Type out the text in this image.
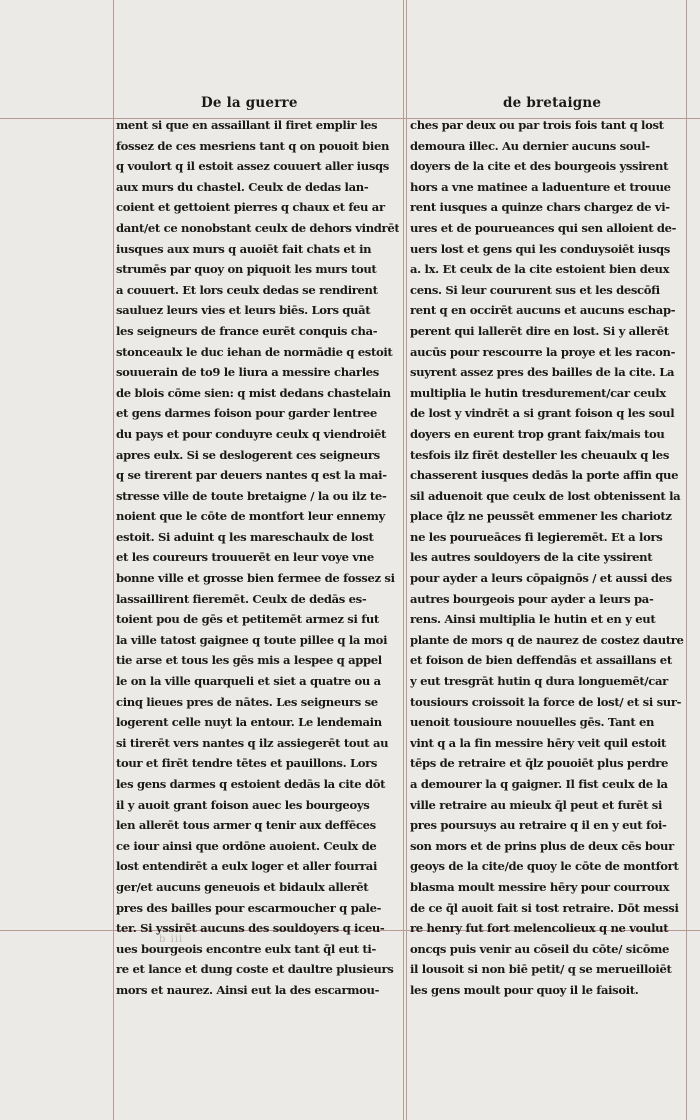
De la guerre	de bretaigne
ment si que en assaillant il firet emplir les
fossez de ces mesriens tant q on pouoit bien
q voulort q il estoit assez couuert aller iusqs
aux murs du chastel. Ceulx de dedas lan-
coient et gettoient pierres q chaux et feu ar
dant/et ce nonobstant ceulx de dehors vindrēt
iusques aux murs q auoiēt fait chats et in
strumēs par quoy on piquoit les murs tout
a couuert. Et lors ceulx dedas se rendirent
sauluez leurs vies et leurs biēs. Lors quāt
les seigneurs de france eurēt conquis cha-
stonceaulx le duc iehan de normādie q estoit
souuerain de to9 le liura a messire charles
de blois cōme sien: q mist dedans chastelain
et gens darmes foison pour garder lentree
du pays et pour conduyre ceulx q viendroiēt
apres eulx. Si se deslogerent ces seigneurs
q se tirerent par deuers nantes q est la mai-
stresse ville de toute bretaigne / la ou ilz te-
noient que le cōte de montfort leur ennemy
estoit. Si aduint q les mareschaulx de lost
et les coureurs trouuerēt en leur voye vne
bonne ville et grosse bien fermee de fossez si
lassaillirent fieremēt. Ceulx de dedās es-
toient pou de gēs et petitemēt armez si fut
la ville tatost gaignee q toute pillee q la moi
tie arse et tous les gēs mis a lespee q appel
le on la ville quarqueli et siet a quatre ou a
cinq lieues pres de nātes. Les seigneurs se
logerent celle nuyt la entour. Le lendemain
si tirerēt vers nantes q ilz assiegerēt tout au
tour et firēt tendre tētes et pauillons. Lors
les gens darmes q estoient dedās la cite dōt
il y auoit grant foison auec les bourgeoys
len allerēt tous armer q tenir aux deffēces
ce iour ainsi que ordōne auoient. Ceulx de
lost entendirēt a eulx loger et aller fourrai
ger/et aucuns geneuois et bidaulx allerēt
pres des bailles pour escarmoucher q pale-
ter. Si yssirēt aucuns des souldoyers q iceu-
ues bourgeois encontre eulx tant q̄l eut ti-
re et lance et dung coste et daultre plusieurs
mors et naurez. Ainsi eut la des escarmou-
ches par deux ou par trois fois tant q lost
demoura illec. Au dernier aucuns soul-
doyers de la cite et des bourgeois yssirent
hors a vne matinee a laduenture et trouue
rent iusques a quinze chars chargez de vi-
ures et de pourueances qui sen alloient de-
uers lost et gens qui les conduysoiēt iusqs
a. lx. Et ceulx de la cite estoient bien deux
cens. Si leur coururent sus et les descōfi
rent q en occirēt aucuns et aucuns eschap-
perent qui lallerēt dire en lost. Si y allerēt
aucūs pour rescourre la proye et les racon-
suyrent assez pres des bailles de la cite. La
multiplia le hutin tresdurement/car ceulx
de lost y vindrēt a si grant foison q les soul
doyers en eurent trop grant faix/mais tou
tesfois ilz firēt desteller les cheuaulx q les
chasserent iusques dedās la porte affin que
sil aduenoit que ceulx de lost obtenissent la
place q̄lz ne peussēt emmener les chariotz
ne les pourueāces fi legieremēt. Et a lors
les autres souldoyers de la cite yssirent
pour ayder a leurs cōpaignōs / et aussi des
autres bourgeois pour ayder a leurs pa-
rens. Ainsi multiplia le hutin et en y eut
plante de mors q de naurez de costez dautre
et foison de bien deffendās et assaillans et
y eut tresgrāt hutin q dura longuemēt/car
tousiours croissoit la force de lost/ et si sur-
uenoit tousioure nouuelles gēs. Tant en
vint q a la fin messire hēry veit quil estoit
tēps de retraire et q̄lz pouoiēt plus perdre
a demourer la q gaigner. Il fist ceulx de la
ville retraire au mieulx q̄l peut et furēt si
pres poursuys au retraire q il en y eut foi-
son mors et de prins plus de deux cēs bour
geoys de la cite/de quoy le cōte de montfort
blasma moult messire hēry pour courroux
de ce q̄l auoit fait si tost retraire. Dōt messi
re henry fut fort melencolieux q ne voulut
oncqs puis venir au cōseil du cōte/ sicōme
il lousoit si non biē petit/ q se merueilloiēt
les gens moult pour quoy il le faisoit.
b iii
